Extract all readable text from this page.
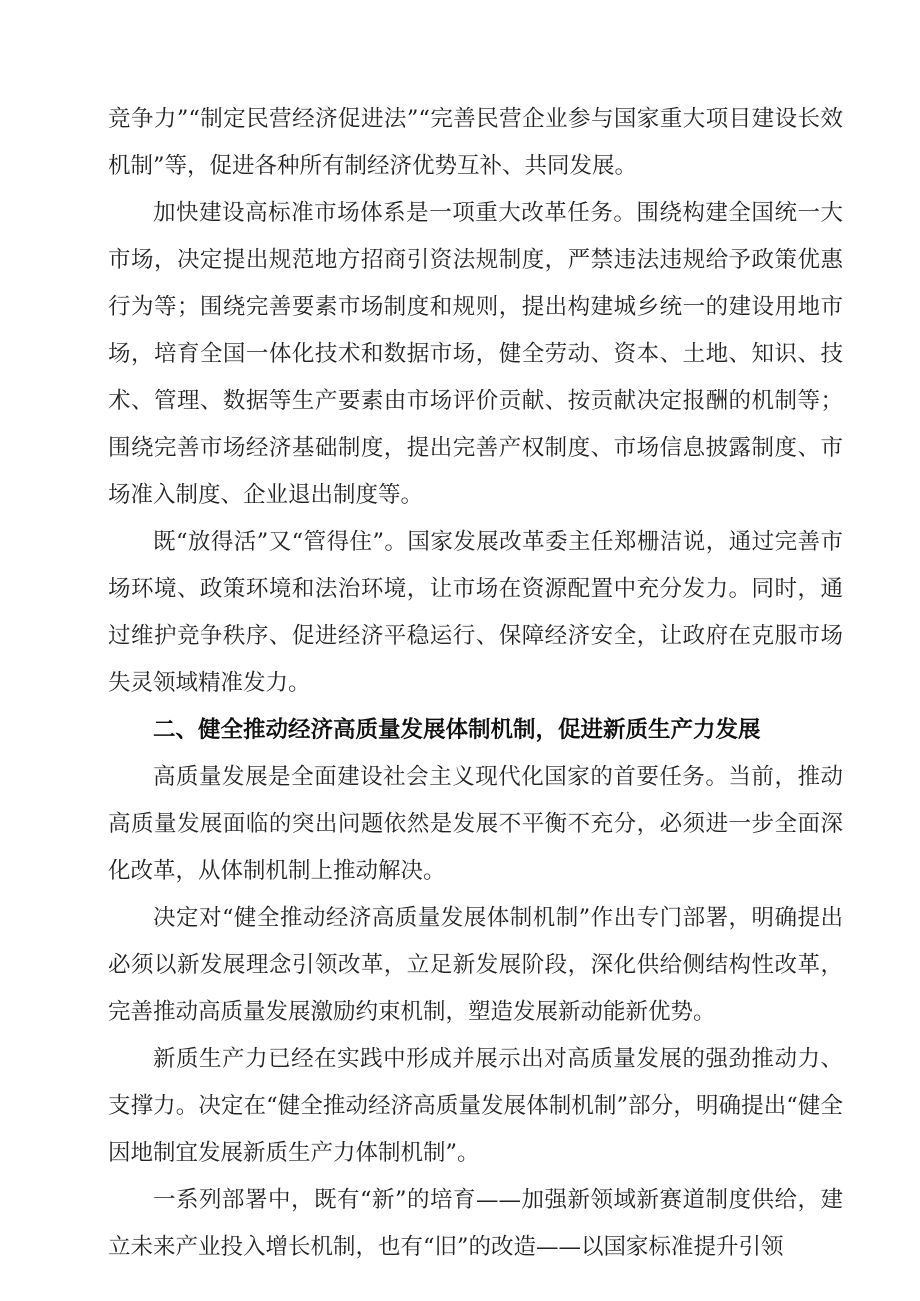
竞争力”“制定民营经济促进法”“完善民营企业参与国家重大项目建设长效机制”等，促进各种所有制经济优势互补、共同发展。

加快建设高标准市场体系是一项重大改革任务。围绕构建全国统一大市场，决定提出规范地方招商引资法规制度，严禁违法违规给予政策优惠行为等；围绕完善要素市场制度和规则，提出构建城乡统一的建设用地市场，培育全国一体化技术和数据市场，健全劳动、资本、土地、知识、技术、管理、数据等生产要素由市场评价贡献、按贡献决定报酬的机制等；围绕完善市场经济基础制度，提出完善产权制度、市场信息披露制度、市场准入制度、企业退出制度等。

既“放得活”又“管得住”。国家发展改革委主任郑栅洁说，通过完善市场环境、政策环境和法治环境，让市场在资源配置中充分发力。同时，通过维护竞争秩序、促进经济平稳运行、保障经济安全，让政府在克服市场失灵领域精准发力。

二、健全推动经济高质量发展体制机制，促进新质生产力发展

高质量发展是全面建设社会主义现代化国家的首要任务。当前，推动高质量发展面临的突出问题依然是发展不平衡不充分，必须进一步全面深化改革，从体制机制上推动解决。

决定对“健全推动经济高质量发展体制机制”作出专门部署，明确提出必须以新发展理念引领改革，立足新发展阶段，深化供给侧结构性改革，完善推动高质量发展激励约束机制，塑造发展新动能新优势。

新质生产力已经在实践中形成并展示出对高质量发展的强劲推动力、支撑力。决定在“健全推动经济高质量发展体制机制”部分，明确提出“健全因地制宜发展新质生产力体制机制”。

一系列部署中，既有“新”的培育——加强新领域新赛道制度供给，建立未来产业投入增长机制，也有“旧”的改造——以国家标准提升引领
